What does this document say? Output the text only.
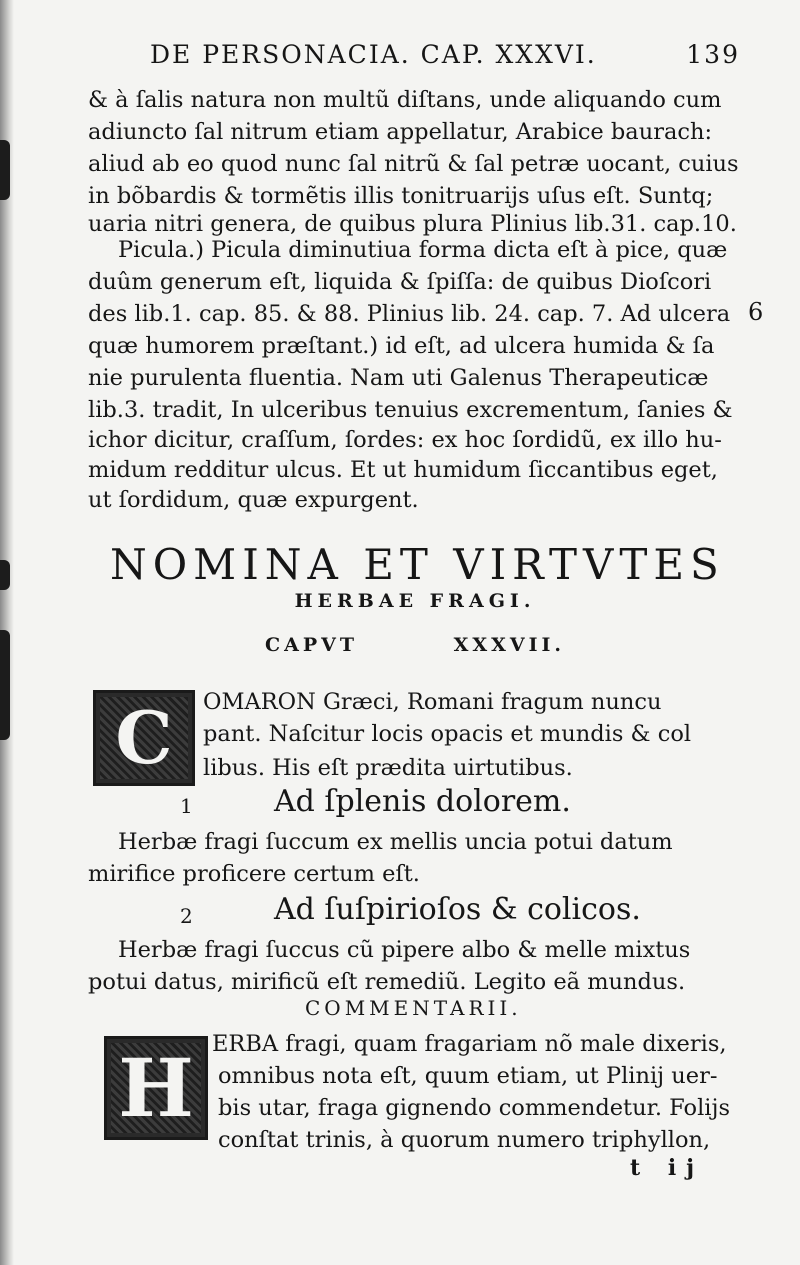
DE PERSONACIA. CAP. XXXVI.	139
& à ſalis natura non multũ diſtans, unde aliquando cum
adiuncto ſal nitrum etiam appellatur, Arabice baurach:
aliud ab eo quod nunc ſal nitrũ & ſal petræ uocant, cuius
in bõbardis & tormẽtis illis tonitruarijs uſus eſt. Suntq;
uaria nitri genera, de quibus plura Plinius lib.31. cap.10.
Picula.) Picula diminutiua forma dicta eſt à pice, quæ
duûm generum eſt, liquida & ſpiſſa: de quibus Dioſcori
des lib.1. cap. 85. & 88. Plinius lib. 24. cap. 7. Ad ulcera
quæ humorem præſtant.) id eſt, ad ulcera humida & ſa
nie purulenta fluentia. Nam uti Galenus Therapeuticæ
lib.3. tradit, In ulceribus tenuius excrementum, ſanies &
ichor dicitur, craſſum, ſordes: ex hoc ſordidũ, ex illo hu-
midum redditur ulcus. Et ut humidum ſiccantibus eget,
ut ſordidum, quæ expurgent.
6
NOMINA ET VIRTVTES
HERBAE FRAGI.
CAPVT	XXXVII.
C	OMARON Græci, Romani fragum nuncu
pant. Naſcitur locis opacis et mundis & col
libus. His eſt prædita uirtutibus.
1	Ad ſplenis dolorem.
Herbæ fragi ſuccum ex mellis uncia potui datum
mirifice proficere certum eſt.
2	Ad ſuſpirioſos & colicos.
Herbæ fragi ſuccus cũ pipere albo & melle mixtus
potui datus, mirificũ eſt remediũ. Legito eã mundus.
COMMENTARII.
H ERBA fragi, quam fragariam nõ male dixeris,
omnibus nota eſt, quum etiam, ut Plinij uer-
bis utar, fraga gignendo commendetur. Folijs
conſtat trinis, à quorum numero triphyllon,
t ij
